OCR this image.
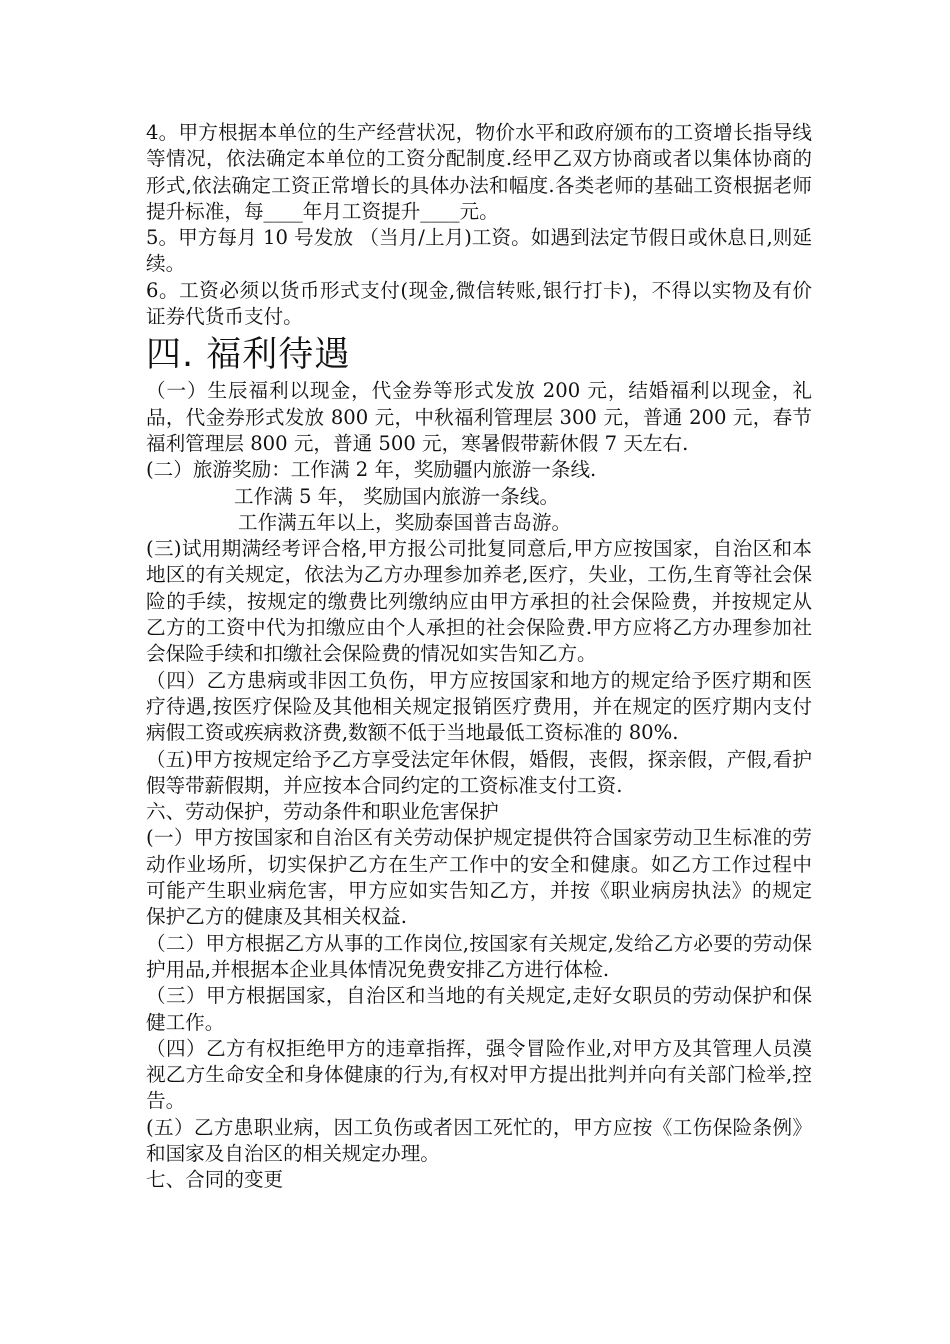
4。甲方根据本单位的生产经营状况，物价水平和政府颁布的工资增长指导线等情况，依法确定本单位的工资分配制度.经甲乙双方协商或者以集体协商的形式,依法确定工资正常增长的具体办法和幅度.各类老师的基础工资根据老师提升标准，每____年月工资提升____元。

5。甲方每月 10 号发放 （当月/上月)工资。如遇到法定节假日或休息日,则延续。

6。工资必须以货币形式支付(现金,微信转账,银行打卡)，不得以实物及有价证券代货币支付。

四. 福利待遇

（一）生辰福利以现金，代金券等形式发放 200 元，结婚福利以现金，礼品，代金券形式发放 800 元，中秋福利管理层 300 元，普通 200 元，春节福利管理层 800 元，普通 500 元，寒暑假带薪休假 7 天左右.

(二）旅游奖励：工作满 2 年，奖励疆内旅游一条线.

工作满 5 年， 奖励国内旅游一条线。

工作满五年以上，奖励泰国普吉岛游。

(三)试用期满经考评合格,甲方报公司批复同意后,甲方应按国家，自治区和本地区的有关规定，依法为乙方办理参加养老,医疗，失业，工伤,生育等社会保险的手续，按规定的缴费比列缴纳应由甲方承担的社会保险费，并按规定从乙方的工资中代为扣缴应由个人承担的社会保险费.甲方应将乙方办理参加社会保险手续和扣缴社会保险费的情况如实告知乙方。

（四）乙方患病或非因工负伤，甲方应按国家和地方的规定给予医疗期和医疗待遇,按医疗保险及其他相关规定报销医疗费用，并在规定的医疗期内支付病假工资或疾病救济费,数额不低于当地最低工资标准的 80%.

（五)甲方按规定给予乙方享受法定年休假，婚假，丧假，探亲假，产假,看护假等带薪假期，并应按本合同约定的工资标准支付工资.

六、劳动保护，劳动条件和职业危害保护

(一）甲方按国家和自治区有关劳动保护规定提供符合国家劳动卫生标准的劳动作业场所，切实保护乙方在生产工作中的安全和健康。如乙方工作过程中可能产生职业病危害，甲方应如实告知乙方，并按《职业病房执法》的规定保护乙方的健康及其相关权益.

（二）甲方根据乙方从事的工作岗位,按国家有关规定,发给乙方必要的劳动保护用品,并根据本企业具体情况免费安排乙方进行体检.

（三）甲方根据国家，自治区和当地的有关规定,走好女职员的劳动保护和保健工作。

（四）乙方有权拒绝甲方的违章指挥，强令冒险作业,对甲方及其管理人员漠视乙方生命安全和身体健康的行为,有权对甲方提出批判并向有关部门检举,控告。

(五）乙方患职业病，因工负伤或者因工死忙的，甲方应按《工伤保险条例》和国家及自治区的相关规定办理。

七、合同的变更
